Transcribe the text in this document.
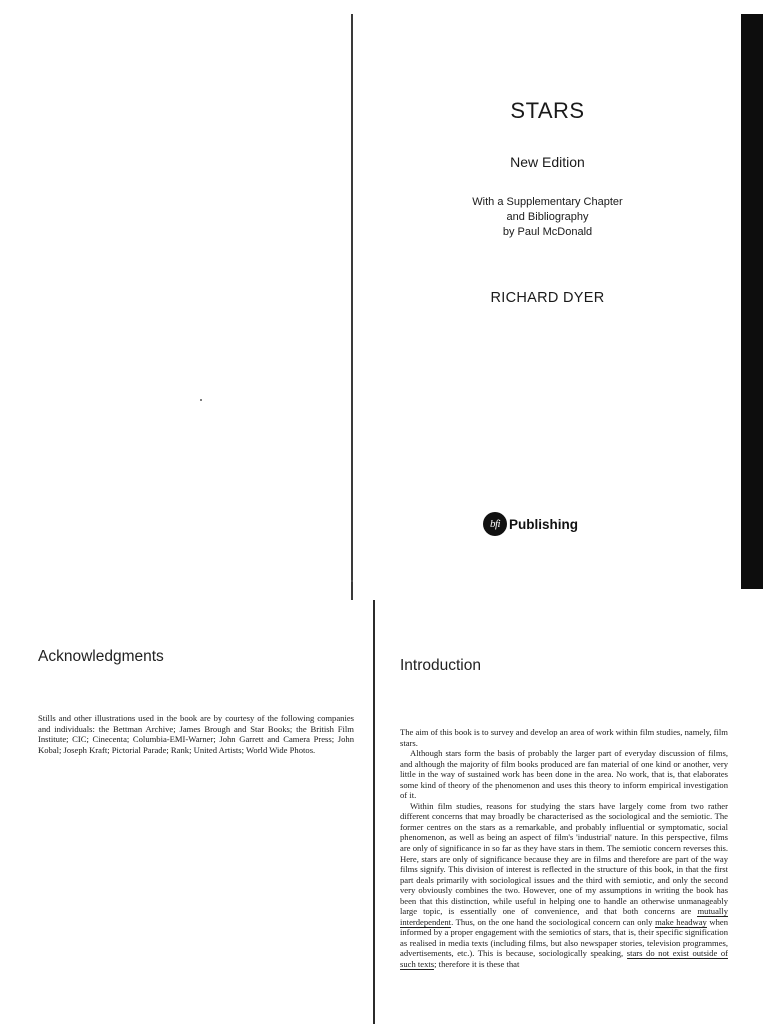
STARS
New Edition
With a Supplementary Chapter
and Bibliography
by Paul McDonald
RICHARD DYER
bfi Publishing
Acknowledgments
Stills and other illustrations used in the book are by courtesy of the following companies and individuals: the Bettman Archive; James Brough and Star Books; the British Film Institute; CIC; Cinecenta; Columbia-EMI-Warner; John Garrett and Camera Press; John Kobal; Joseph Kraft; Pictorial Parade; Rank; United Artists; World Wide Photos.
Introduction

The aim of this book is to survey and develop an area of work within film studies, namely, film stars.

Although stars form the basis of probably the larger part of everyday discussion of films, and although the majority of film books produced are fan material of one kind or another, very little in the way of sustained work has been done in the area. No work, that is, that elaborates some kind of theory of the phenomenon and uses this theory to inform empirical investigation of it.

Within film studies, reasons for studying the stars have largely come from two rather different concerns that may broadly be characterised as the sociological and the semiotic. The former centres on the stars as a remarkable, and probably influential or symptomatic, social phenomenon, as well as being an aspect of film's 'industrial' nature. In this perspective, films are only of significance in so far as they have stars in them. The semiotic concern reverses this. Here, stars are only of significance because they are in films and therefore are part of the way films signify. This division of interest is reflected in the structure of this book, in that the first part deals primarily with sociological issues and the third with semiotic, and only the second very obviously combines the two. However, one of my assumptions in writing the book has been that this distinction, while useful in helping one to handle an otherwise unmanageably large topic, is essentially one of convenience, and that both concerns are mutually interdependent. Thus, on the one hand the sociological concern can only make headway when informed by a proper engagement with the semiotics of stars, that is, their specific signification as realised in media texts (including films, but also newspaper stories, television programmes, advertisements, etc.). This is because, sociologically speaking, stars do not exist outside of such texts; therefore it is these that
